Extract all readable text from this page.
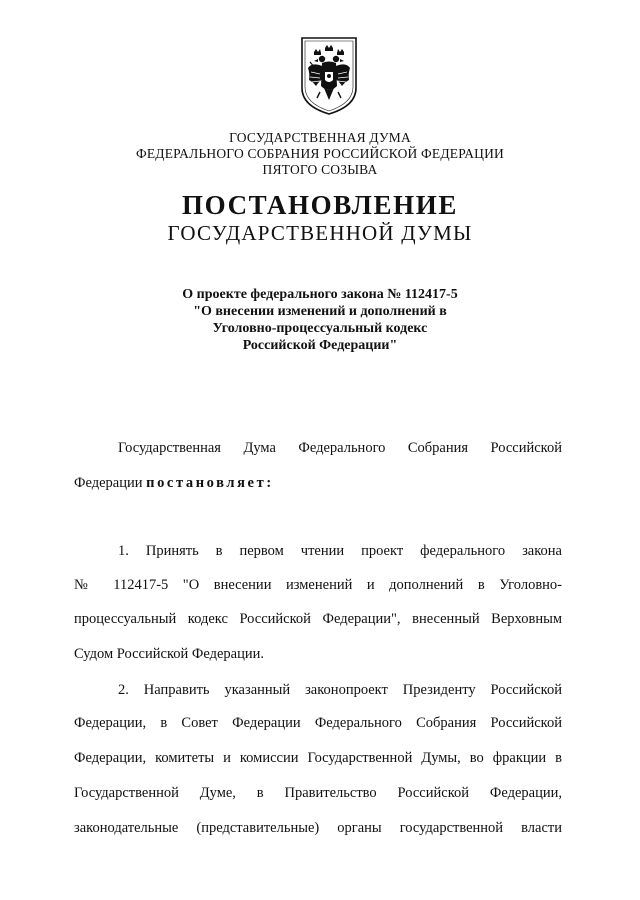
ГОСУДАРСТВЕННАЯ ДУМА
ФЕДЕРАЛЬНОГО СОБРАНИЯ РОССИЙСКОЙ ФЕДЕРАЦИИ
ПЯТОГО СОЗЫВА
ПОСТАНОВЛЕНИЕ
ГОСУДАРСТВЕННОЙ ДУМЫ
О проекте федерального закона № 112417-5
"О внесении изменений и дополнений в
Уголовно-процессуальный кодекс
Российской Федерации"
Государственная Дума Федерального Собрания Российской
Федерации постановляет:
1. Принять в первом чтении проект федерального закона
№ 112417-5 "О внесении изменений и дополнений в Уголовно-
процессуальный кодекс Российской Федерации", внесенный Верховным
Судом Российской Федерации.
2. Направить указанный законопроект Президенту Российской
Федерации, в Совет Федерации Федерального Собрания Российской
Федерации, комитеты и комиссии Государственной Думы, во фракции в
Государственной Думе, в Правительство Российской Федерации,
законодательные (представительные) органы государственной власти
